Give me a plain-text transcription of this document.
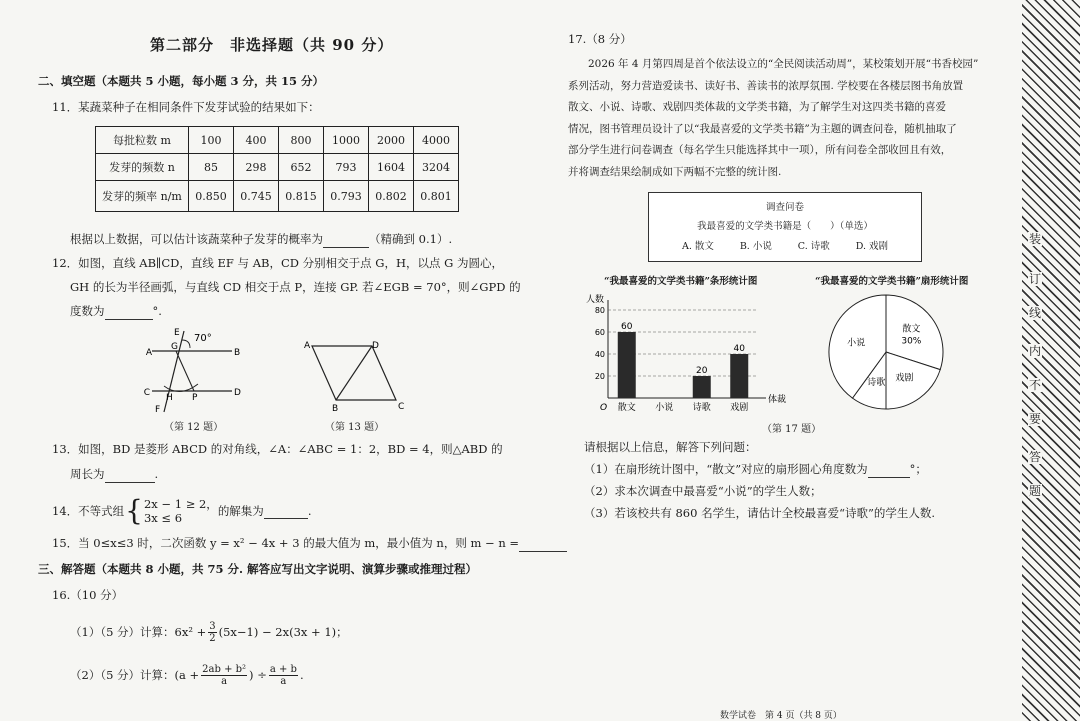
第二部分　非选择题（共 90 分）
二、填空题（本题共 5 小题，每小题 3 分，共 15 分）
11．某蔬菜种子在相同条件下发芽试验的结果如下：
每批粒数 m	100	400	800	1000	2000	4000
发芽的频数 n	85	298	652	793	1604	3204
发芽的频率 n/m	0.850	0.745	0.815	0.793	0.802	0.801
根据以上数据，可以估计该蔬菜种子发芽的概率为	（精确到 0.1）.
12．如图，直线 AB∥CD，直线 EF 与 AB，CD 分别相交于点 G，H，以点 G 为圆心，
GH 的长为半径画弧，与直线 CD 相交于点 P，连接 GP. 若∠EGB = 70°，则∠GPD 的
度数为	°.
A	B
C	D
E
F
G
H P
70°
（第 12 题）
A	D
B	C
（第 13 题）
13．如图，BD 是菱形 ABCD 的对角线，∠A：∠ABC = 1：2，BD = 4，则△ABD 的
周长为	.
14．不等式组 { 2x − 1 ≥ 2，
3x ≤ 6
的解集为
	.
15．当 0≤x≤3 时，二次函数 y = x² − 4x + 3 的最大值为 m，最小值为 n，则 m − n =
三、解答题（本题共 8 小题，共 75 分. 解答应写出文字说明、演算步骤或推理过程）
16.（10 分）
（1）（5 分）计算：$6x^2 + \frac{3}{2} (5x-1) - 2x(3x + 1)$；
（2）（5 分）计算：($a + \frac{\text{2ab + b²}}{a}$ ) ÷ $\frac{a + b}{a}$ .
17.（8 分）
2026 年 4 月第四周是首个依法设立的“全民阅读活动周”，某校策划开展“书香校园”
系列活动，努力营造爱读书、读好书、善读书的浓厚氛围. 学校要在各楼层图书角放置
散文、小说、诗歌、戏剧四类体裁的文学类书籍，为了解学生对这四类书籍的喜爱
情况，图书管理员设计了以“我最喜爱的文学类书籍”为主题的调查问卷，随机抽取了
部分学生进行问卷调查（每名学生只能选择其中一项），所有问卷全部收回且有效，
并将调查结果绘制成如下两幅不完整的统计图.
调查问卷
我最喜爱的文学类书籍是（　　）（单选）
A. 散文	B. 小说	C. 诗歌	D. 戏剧
“我最喜爱的文学类书籍”条形统计图	“我最喜爱的文学类书籍”扇形统计图
人数
体裁
O
20
40
60
80
散文
60
小说 诗歌
20
戏剧
40
散文
30%
戏剧
诗歌
小说
（第 17 题）
请根据以上信息，解答下列问题：
（1）在扇形统计图中，“散文”对应的扇形圆心角度数为	°；
（2）求本次调查中最喜爱“小说”的学生人数；
（3）若该校共有 860 名学生，请估计全校最喜爱“诗歌”的学生人数.
数学试卷　第 4 页（共 8 页）
装
订
线
内
不
要
答
题
